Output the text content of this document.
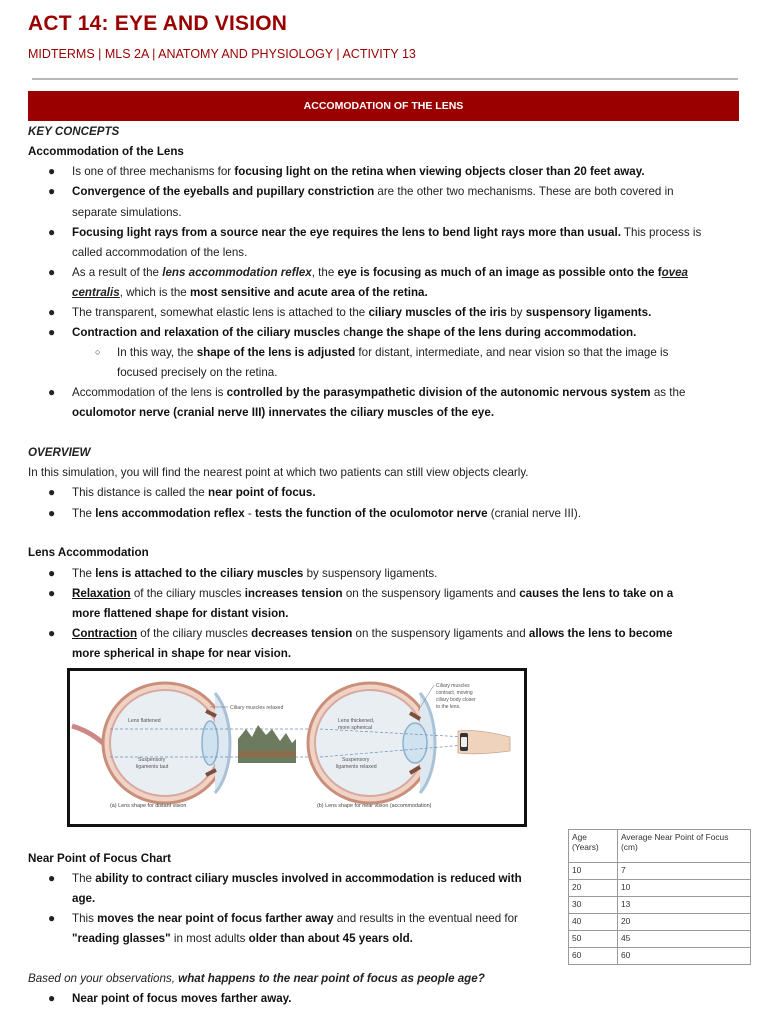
ACT 14: EYE AND VISION
MIDTERMS | MLS 2A | ANATOMY AND PHYSIOLOGY | ACTIVITY 13
ACCOMODATION OF THE LENS
KEY CONCEPTS
Accommodation of the Lens
● Is one of three mechanisms for focusing light on the retina when viewing objects closer than 20 feet away.
● Convergence of the eyeballs and pupillary constriction are the other two mechanisms. These are both covered in
separate simulations.
● Focusing light rays from a source near the eye requires the lens to bend light rays more than usual. This process is
called accommodation of the lens.
● As a result of the lens accommodation reflex, the eye is focusing as much of an image as possible onto the fovea
centralis, which is the most sensitive and acute area of the retina.
● The transparent, somewhat elastic lens is attached to the ciliary muscles of the iris by suspensory ligaments.
● Contraction and relaxation of the ciliary muscles change the shape of the lens during accommodation.
○ In this way, the shape of the lens is adjusted for distant, intermediate, and near vision so that the image is
focused precisely on the retina.
● Accommodation of the lens is controlled by the parasympathetic division of the autonomic nervous system as the
oculomotor nerve (cranial nerve III) innervates the ciliary muscles of the eye.
OVERVIEW
In this simulation, you will find the nearest point at which two patients can still view objects clearly.
● This distance is called the near point of focus.
● The lens accommodation reflex - tests the function of the oculomotor nerve (cranial nerve III).
Lens Accommodation
● The lens is attached to the ciliary muscles by suspensory ligaments.
● Relaxation of the ciliary muscles increases tension on the suspensory ligaments and causes the lens to take on a
more flattened shape for distant vision.
● Contraction of the ciliary muscles decreases tension on the suspensory ligaments and allows the lens to become
more spherical in shape for near vision.
Lens flattened
Ciliary muscles relaxed
Suspensory
ligaments taut
(a) Lens shape for distant vision
Lens thickened,
more spherical
Suspensory
ligaments relaxed
Ciliary muscles
contract, moving
ciliary body closer
to the lens.
(b) Lens shape for near vision (accommodation)
Age (Years)	Average Near Point of Focus (cm)
10	7
20	10
30	13
40	20
50	45
60	60
Near Point of Focus Chart
● The ability to contract ciliary muscles involved in accommodation is reduced with
age.
● This moves the near point of focus farther away and results in the eventual need for
"reading glasses" in most adults older than about 45 years old.
Based on your observations, what happens to the near point of focus as people age?
● Near point of focus moves farther away.
